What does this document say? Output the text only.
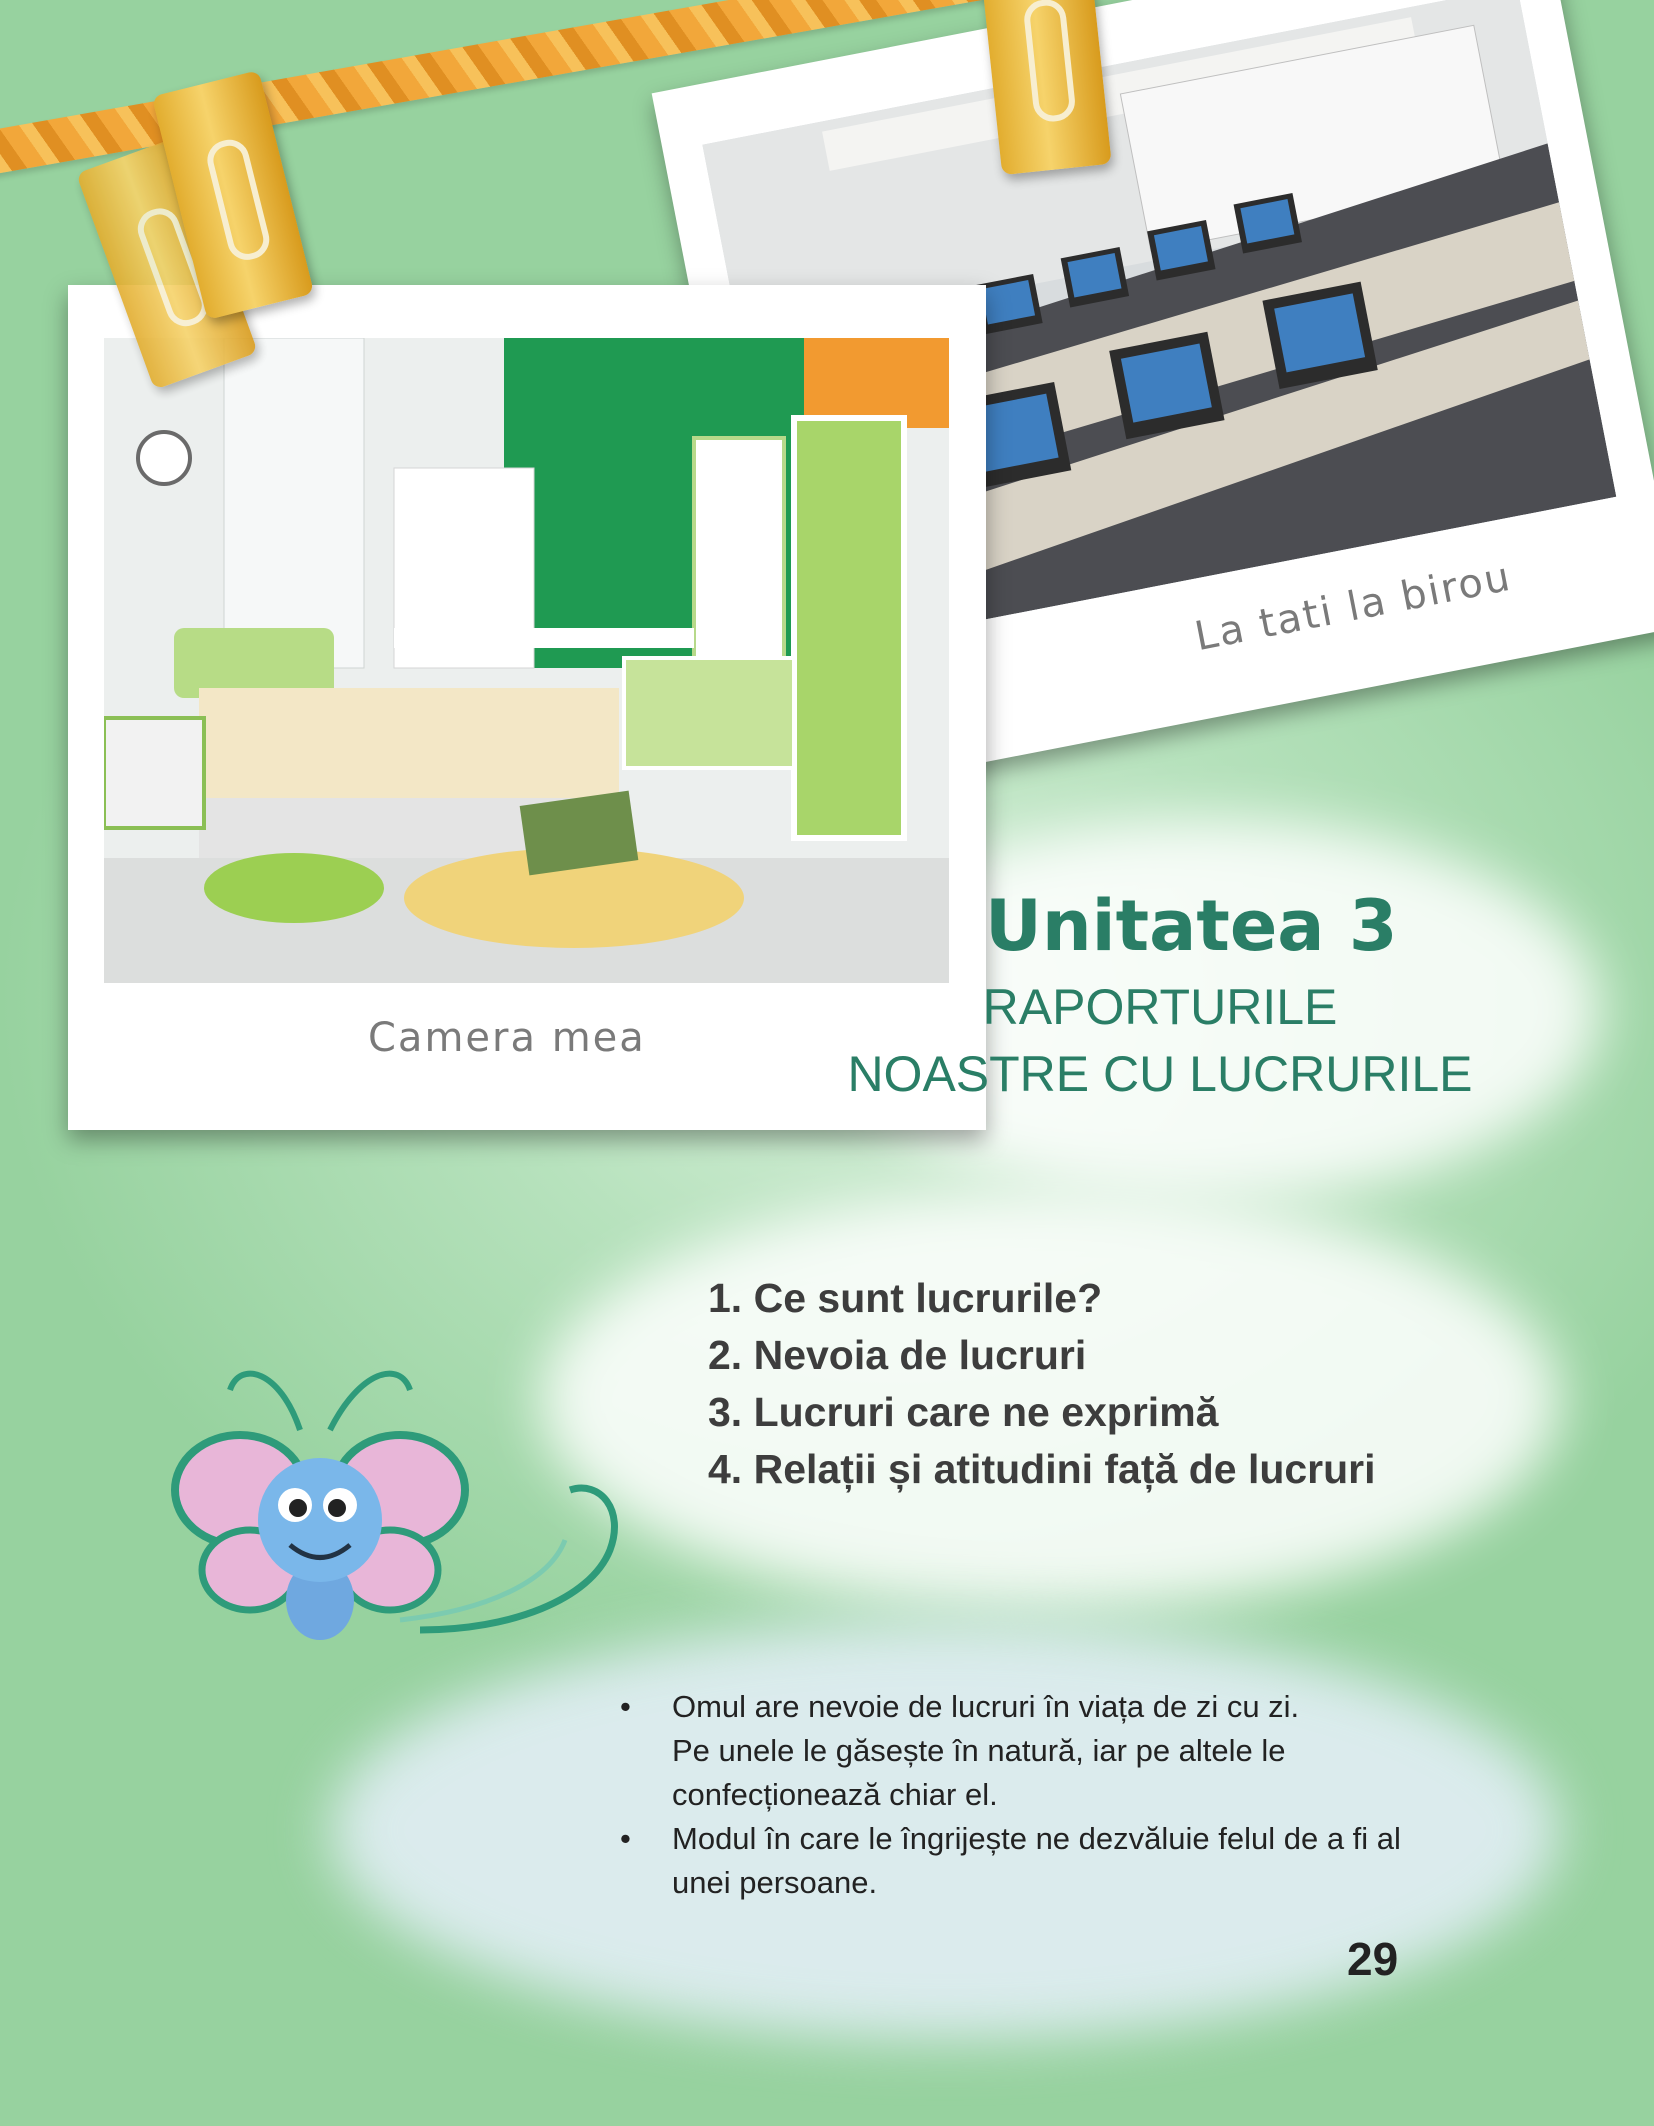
La tati la birou
Camera mea
Unitatea 3
RAPORTURILE
NOASTRE CU LUCRURILE
1. Ce sunt lucrurile?
2. Nevoia de lucruri
3. Lucruri care ne exprimă
4. Relații și atitudini față de lucruri
• Omul are nevoie de lucruri în viața de zi cu zi.
Pe unele le găsește în natură, iar pe altele le
confecționează chiar el.
• Modul în care le îngrijește ne dezvăluie felul de a fi al
unei persoane.
29
